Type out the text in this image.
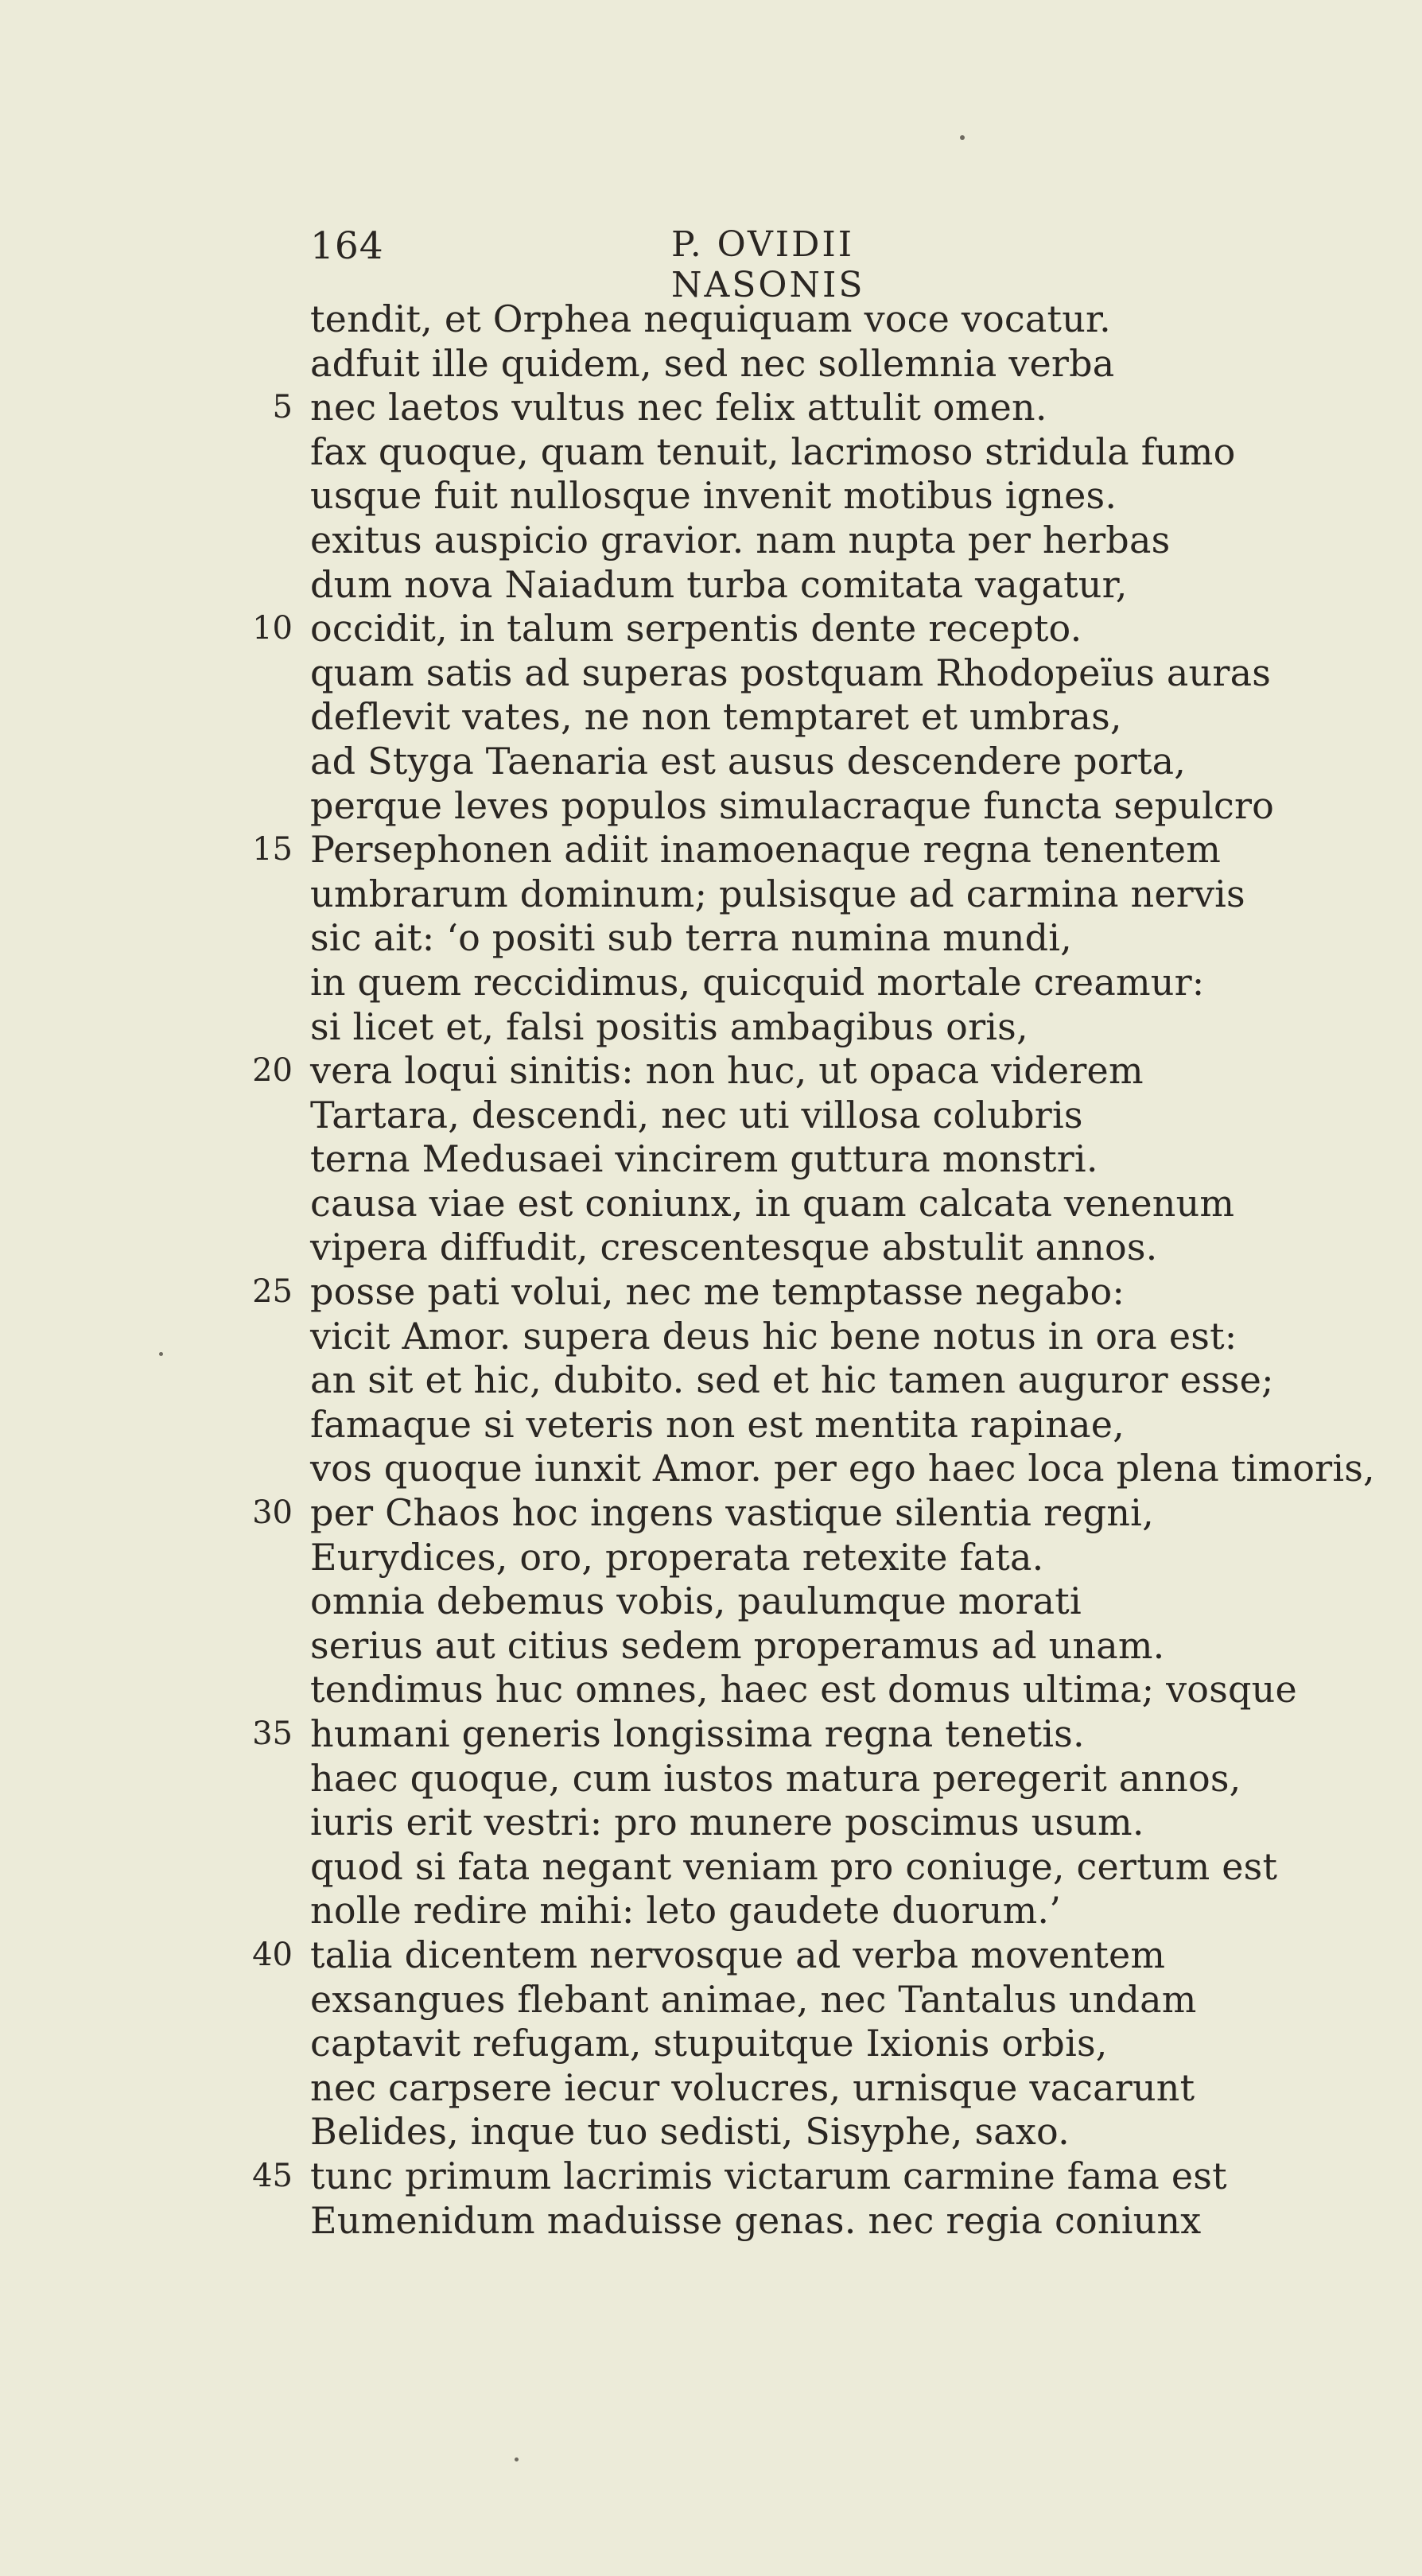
164	P. OVIDII NASONIS
tendit, et Orphea nequiquam voce vocatur.
adfuit ille quidem, sed nec sollemnia verba
5 nec laetos vultus nec felix attulit omen.
fax quoque, quam tenuit, lacrimoso stridula fumo
usque fuit nullosque invenit motibus ignes.
exitus auspicio gravior. nam nupta per herbas
dum nova Naiadum turba comitata vagatur,
10 occidit, in talum serpentis dente recepto.
quam satis ad superas postquam Rhodopeïus auras
deflevit vates, ne non temptaret et umbras,
ad Styga Taenaria est ausus descendere porta,
perque leves populos simulacraque functa sepulcro
15 Persephonen adiit inamoenaque regna tenentem
umbrarum dominum; pulsisque ad carmina nervis
sic ait: ‘o positi sub terra numina mundi,
in quem reccidimus, quicquid mortale creamur:
si licet et, falsi positis ambagibus oris,
20 vera loqui sinitis: non huc, ut opaca viderem
Tartara, descendi, nec uti villosa colubris
terna Medusaei vincirem guttura monstri.
causa viae est coniunx, in quam calcata venenum
vipera diffudit, crescentesque abstulit annos.
25 posse pati volui, nec me temptasse negabo:
vicit Amor. supera deus hic bene notus in ora est:
an sit et hic, dubito. sed et hic tamen auguror esse;
famaque si veteris non est mentita rapinae,
vos quoque iunxit Amor. per ego haec loca plena timoris,
30 per Chaos hoc ingens vastique silentia regni,
Eurydices, oro, properata retexite fata.
omnia debemus vobis, paulumque morati
serius aut citius sedem properamus ad unam.
tendimus huc omnes, haec est domus ultima; vosque
35 humani generis longissima regna tenetis.
haec quoque, cum iustos matura peregerit annos,
iuris erit vestri: pro munere poscimus usum.
quod si fata negant veniam pro coniuge, certum est
nolle redire mihi: leto gaudete duorum.’
40 talia dicentem nervosque ad verba moventem
exsangues flebant animae, nec Tantalus undam
captavit refugam, stupuitque Ixionis orbis,
nec carpsere iecur volucres, urnisque vacarunt
Belides, inque tuo sedisti, Sisyphe, saxo.
45 tunc primum lacrimis victarum carmine fama est
Eumenidum maduisse genas. nec regia coniunx
